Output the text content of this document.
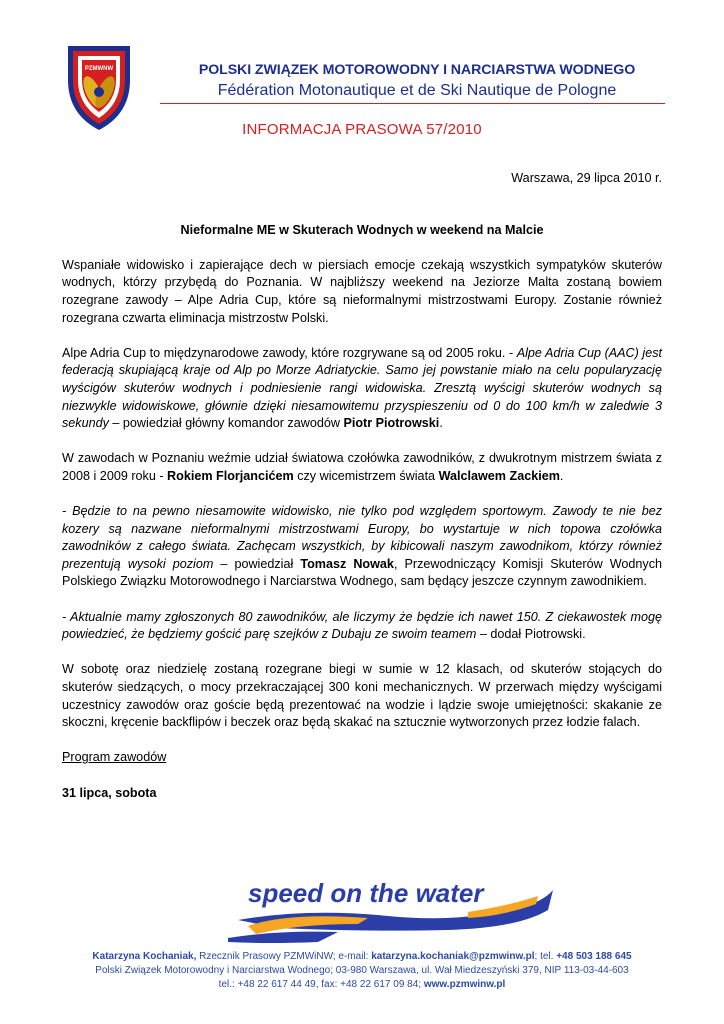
PZMWNW	POLSKI ZWIĄZEK MOTOROWODNY I NARCIARSTWA WODNEGO
Fédération Motonautique et de Ski Nautique de Pologne
INFORMACJA PRASOWA 57/2010
Warszawa, 29 lipca 2010 r.
Nieformalne ME w Skuterach Wodnych w weekend na Malcie

Wspaniałe widowisko i zapierające dech w piersiach emocje czekają wszystkich sympatyków skuterów wodnych, którzy przybędą do Poznania. W najbliższy weekend na Jeziorze Malta zostaną bowiem rozegrane zawody – Alpe Adria Cup, które są nieformalnymi mistrzostwami Europy. Zostanie również rozegrana czwarta eliminacja mistrzostw Polski.

Alpe Adria Cup to międzynarodowe zawody, które rozgrywane są od 2005 roku. - Alpe Adria Cup (AAC) jest federacją skupiającą kraje od Alp po Morze Adriatyckie. Samo jej powstanie miało na celu popularyzację wyścigów skuterów wodnych i podniesienie rangi widowiska. Zresztą wyścigi skuterów wodnych są niezwykle widowiskowe, głównie dzięki niesamowitemu przyspieszeniu od 0 do 100 km/h w zaledwie 3 sekundy – powiedział główny komandor zawodów Piotr Piotrowski.

W zawodach w Poznaniu weźmie udział światowa czołówka zawodników, z dwukrotnym mistrzem świata z 2008 i 2009 roku - Rokiem Florjancićem czy wicemistrzem świata Walclawem Zackiem.

- Będzie to na pewno niesamowite widowisko, nie tylko pod względem sportowym. Zawody te nie bez kozery są nazwane nieformalnymi mistrzostwami Europy, bo wystartuje w nich topowa czołówka zawodników z całego świata. Zachęcam wszystkich, by kibicowali naszym zawodnikom, którzy również prezentują wysoki poziom – powiedział Tomasz Nowak, Przewodniczący Komisji Skuterów Wodnych Polskiego Związku Motorowodnego i Narciarstwa Wodnego, sam będący jeszcze czynnym zawodnikiem.

- Aktualnie mamy zgłoszonych 80 zawodników, ale liczymy że będzie ich nawet 150. Z ciekawostek mogę powiedzieć, że będziemy gościć parę szejków z Dubaju ze swoim teamem – dodał Piotrowski.

W sobotę oraz niedzielę zostaną rozegrane biegi w sumie w 12 klasach, od skuterów stojących do skuterów siedzących, o mocy przekraczającej 300 koni mechanicznych. W przerwach między wyścigami uczestnicy zawodów oraz goście będą prezentować na wodzie i lądzie swoje umiejętności: skakanie ze skoczni, kręcenie backflipów i beczek oraz będą skakać na sztucznie wytworzonych przez łodzie falach.

Program zawodów

31 lipca, sobota

speed on the water
Katarzyna Kochaniak, Rzecznik Prasowy PZMWiNW; e-mail: katarzyna.kochaniak@pzmwinw.pl; tel. +48 503 188 645
Polski Związek Motorowodny i Narciarstwa Wodnego; 03-980 Warszawa, ul. Wał Miedzeszyński 379, NIP 113-03-44-603
tel.: +48 22 617 44 49, fax: +48 22 617 09 84; www.pzmwinw.pl
